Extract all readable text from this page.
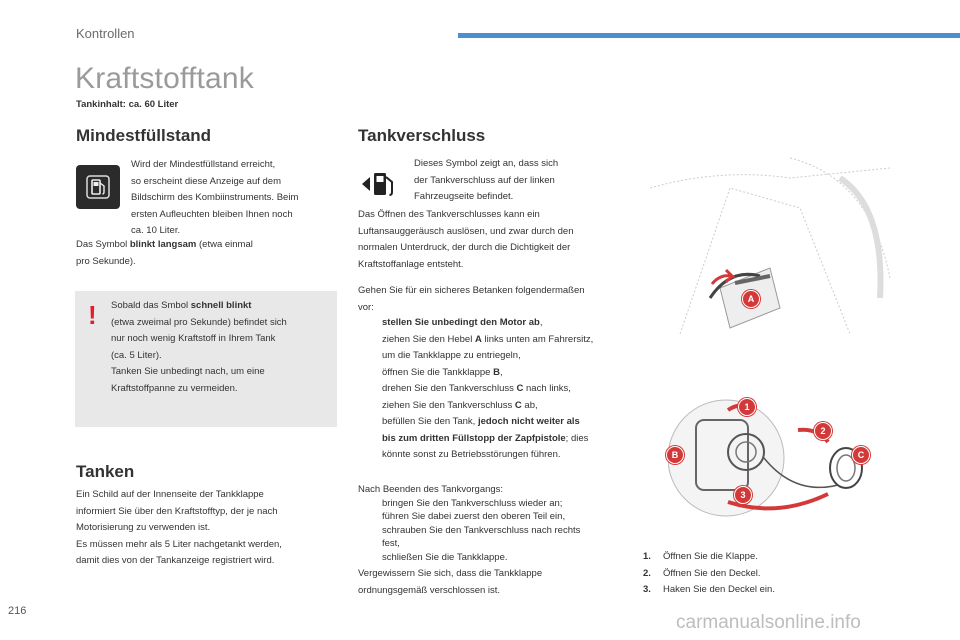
Kontrollen
Kraftstofftank
Tankinhalt: ca. 60 Liter
Mindestfüllstand
Wird der Mindestfüllstand erreicht,
so erscheint diese Anzeige auf dem
Bildschirm des Kombiinstruments. Beim
ersten Aufleuchten bleiben Ihnen noch
ca. 10 Liter.
Das Symbol blinkt langsam (etwa einmal
pro Sekunde).
! Sobald das Smbol schnell blinkt
(etwa zweimal pro Sekunde) befindet sich
nur noch wenig Kraftstoff in Ihrem Tank
(ca. 5 Liter).
Tanken Sie unbedingt nach, um eine
Kraftstoffpanne zu vermeiden.
Tanken
Ein Schild auf der Innenseite der Tankklappe
informiert Sie über den Kraftstofftyp, der je nach
Motorisierung zu verwenden ist.
Es müssen mehr als 5 Liter nachgetankt werden,
damit dies von der Tankanzeige registriert wird.
Tankverschluss
Dieses Symbol zeigt an, dass sich
der Tankverschluss auf der linken
Fahrzeugseite befindet.
Das Öffnen des Tankverschlusses kann ein
Luftansauggeräusch auslösen, und zwar durch den
normalen Unterdruck, der durch die Dichtigkeit der
Kraftstoffanlage entsteht.
Gehen Sie für ein sicheres Betanken folgendermaßen
vor:
stellen Sie unbedingt den Motor ab,
ziehen Sie den Hebel A links unten am Fahrersitz,
um die Tankklappe zu entriegeln,
öffnen Sie die Tankklappe B,
drehen Sie den Tankverschluss C nach links,
ziehen Sie den Tankverschluss C ab,
befüllen Sie den Tank, jedoch nicht weiter als
bis zum dritten Füllstopp der Zapfpistole; dies
könnte sonst zu Betriebsstörungen führen.
Nach Beenden des Tankvorgangs:
bringen Sie den Tankverschluss wieder an;
führen Sie dabei zuerst den oberen Teil ein,
schrauben Sie den Tankverschluss nach rechts
fest,
schließen Sie die Tankklappe.
Vergewissern Sie sich, dass die Tankklappe
ordnungsgemäß verschlossen ist.
A
1
2
3
B	C
1. Öffnen Sie die Klappe.
2. Öffnen Sie den Deckel.
3. Haken Sie den Deckel ein.
216
carmanualsonline.info
